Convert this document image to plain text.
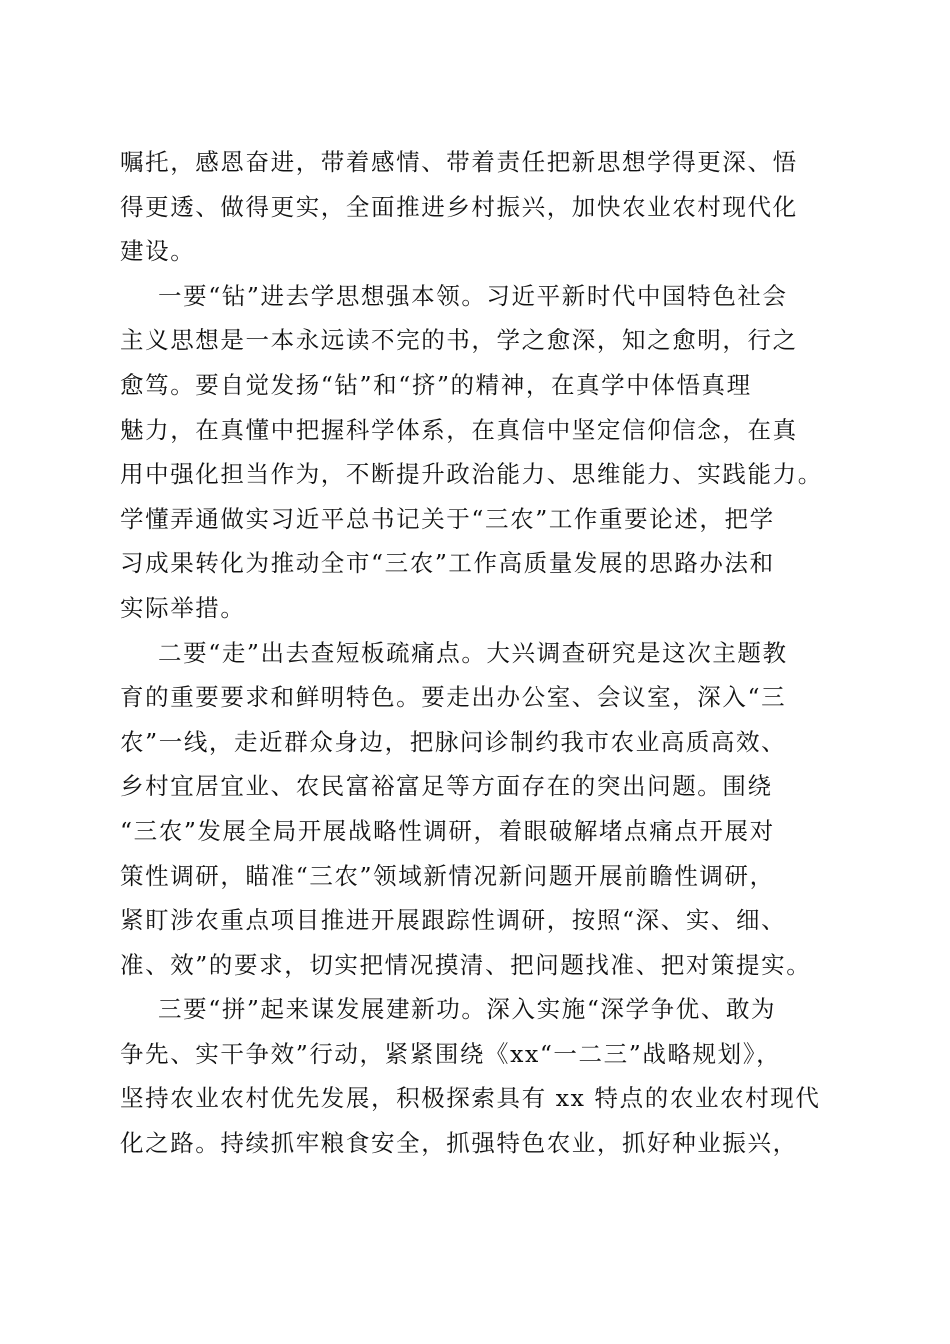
嘱托，感恩奋进，带着感情、带着责任把新思想学得更深、悟
得更透、做得更实，全面推进乡村振兴，加快农业农村现代化
建设。
一要“钻”进去学思想强本领。习近平新时代中国特色社会
主义思想是一本永远读不完的书，学之愈深，知之愈明，行之
愈笃。要自觉发扬“钻”和“挤”的精神，在真学中体悟真理
魅力，在真懂中把握科学体系，在真信中坚定信仰信念，在真
用中强化担当作为，不断提升政治能力、思维能力、实践能力。
学懂弄通做实习近平总书记关于“三农”工作重要论述，把学
习成果转化为推动全市“三农”工作高质量发展的思路办法和
实际举措。
二要“走”出去查短板疏痛点。大兴调查研究是这次主题教
育的重要要求和鲜明特色。要走出办公室、会议室，深入“三
农”一线，走近群众身边，把脉问诊制约我市农业高质高效、
乡村宜居宜业、农民富裕富足等方面存在的突出问题。围绕
“三农”发展全局开展战略性调研，着眼破解堵点痛点开展对
策性调研，瞄准“三农”领域新情况新问题开展前瞻性调研，
紧盯涉农重点项目推进开展跟踪性调研，按照“深、实、细、
准、效”的要求，切实把情况摸清、把问题找准、把对策提实。
三要“拼”起来谋发展建新功。深入实施“深学争优、敢为
争先、实干争效”行动，紧紧围绕《xx“一二三”战略规划》，
坚持农业农村优先发展，积极探索具有 xx 特点的农业农村现代
化之路。持续抓牢粮食安全，抓强特色农业，抓好种业振兴，
